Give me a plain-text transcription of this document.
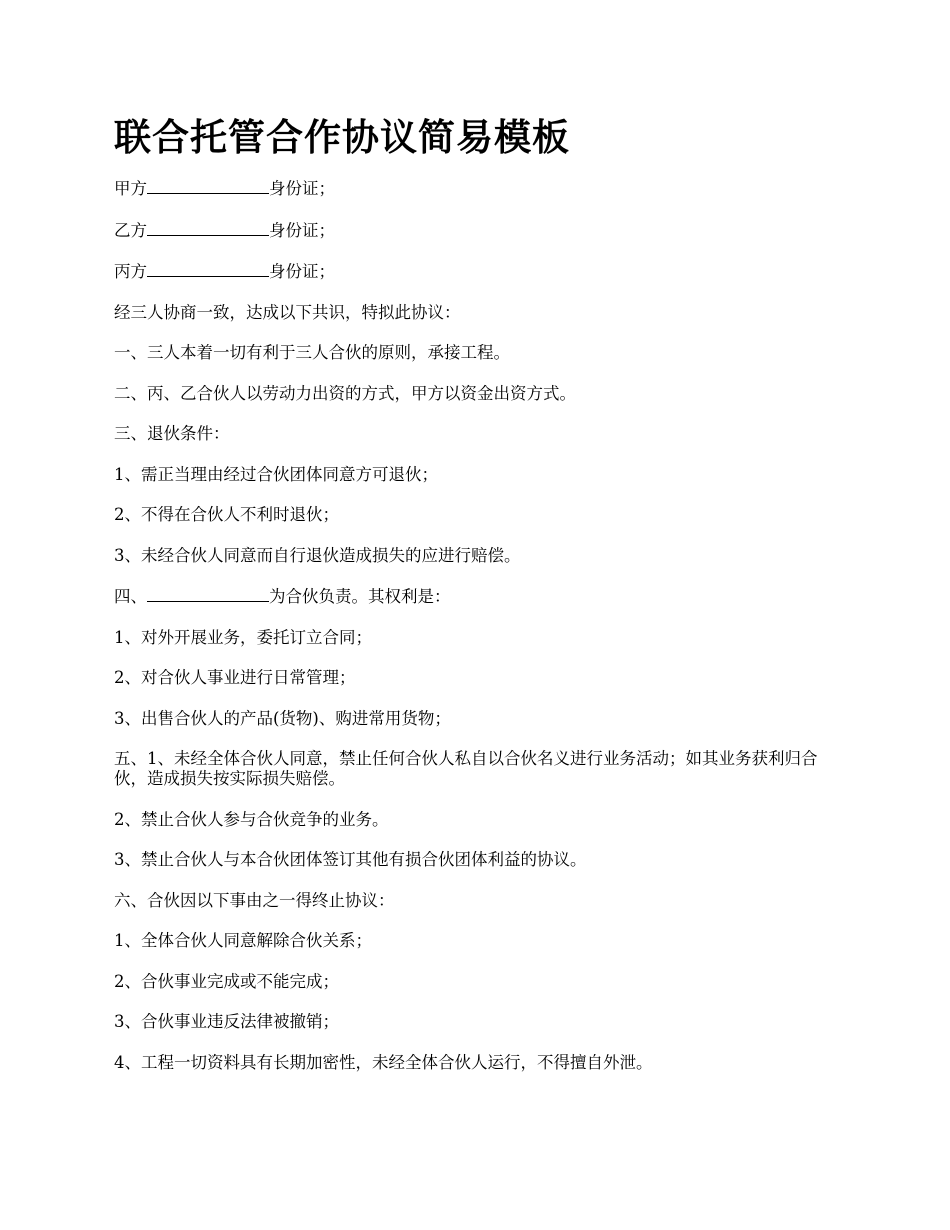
联合托管合作协议简易模板
甲方	身份证；
乙方	身份证；
丙方	身份证；
经三人协商一致，达成以下共识，特拟此协议：
一、三人本着一切有利于三人合伙的原则，承接工程。
二、丙、乙合伙人以劳动力出资的方式，甲方以资金出资方式。
三、退伙条件：
1、需正当理由经过合伙团体同意方可退伙；
2、不得在合伙人不利时退伙；
3、未经合伙人同意而自行退伙造成损失的应进行赔偿。
四、	为合伙负责。其权利是：
1、对外开展业务，委托订立合同；
2、对合伙人事业进行日常管理；
3、出售合伙人的产品(货物)、购进常用货物；
五、1、未经全体合伙人同意，禁止任何合伙人私自以合伙名义进行业务活动；如其业务获利归合伙，造成损失按实际损失赔偿。
2、禁止合伙人参与合伙竞争的业务。
3、禁止合伙人与本合伙团体签订其他有损合伙团体利益的协议。
六、合伙因以下事由之一得终止协议：
1、全体合伙人同意解除合伙关系；
2、合伙事业完成或不能完成；
3、合伙事业违反法律被撤销；
4、工程一切资料具有长期加密性，未经全体合伙人运行，不得擅自外泄。
